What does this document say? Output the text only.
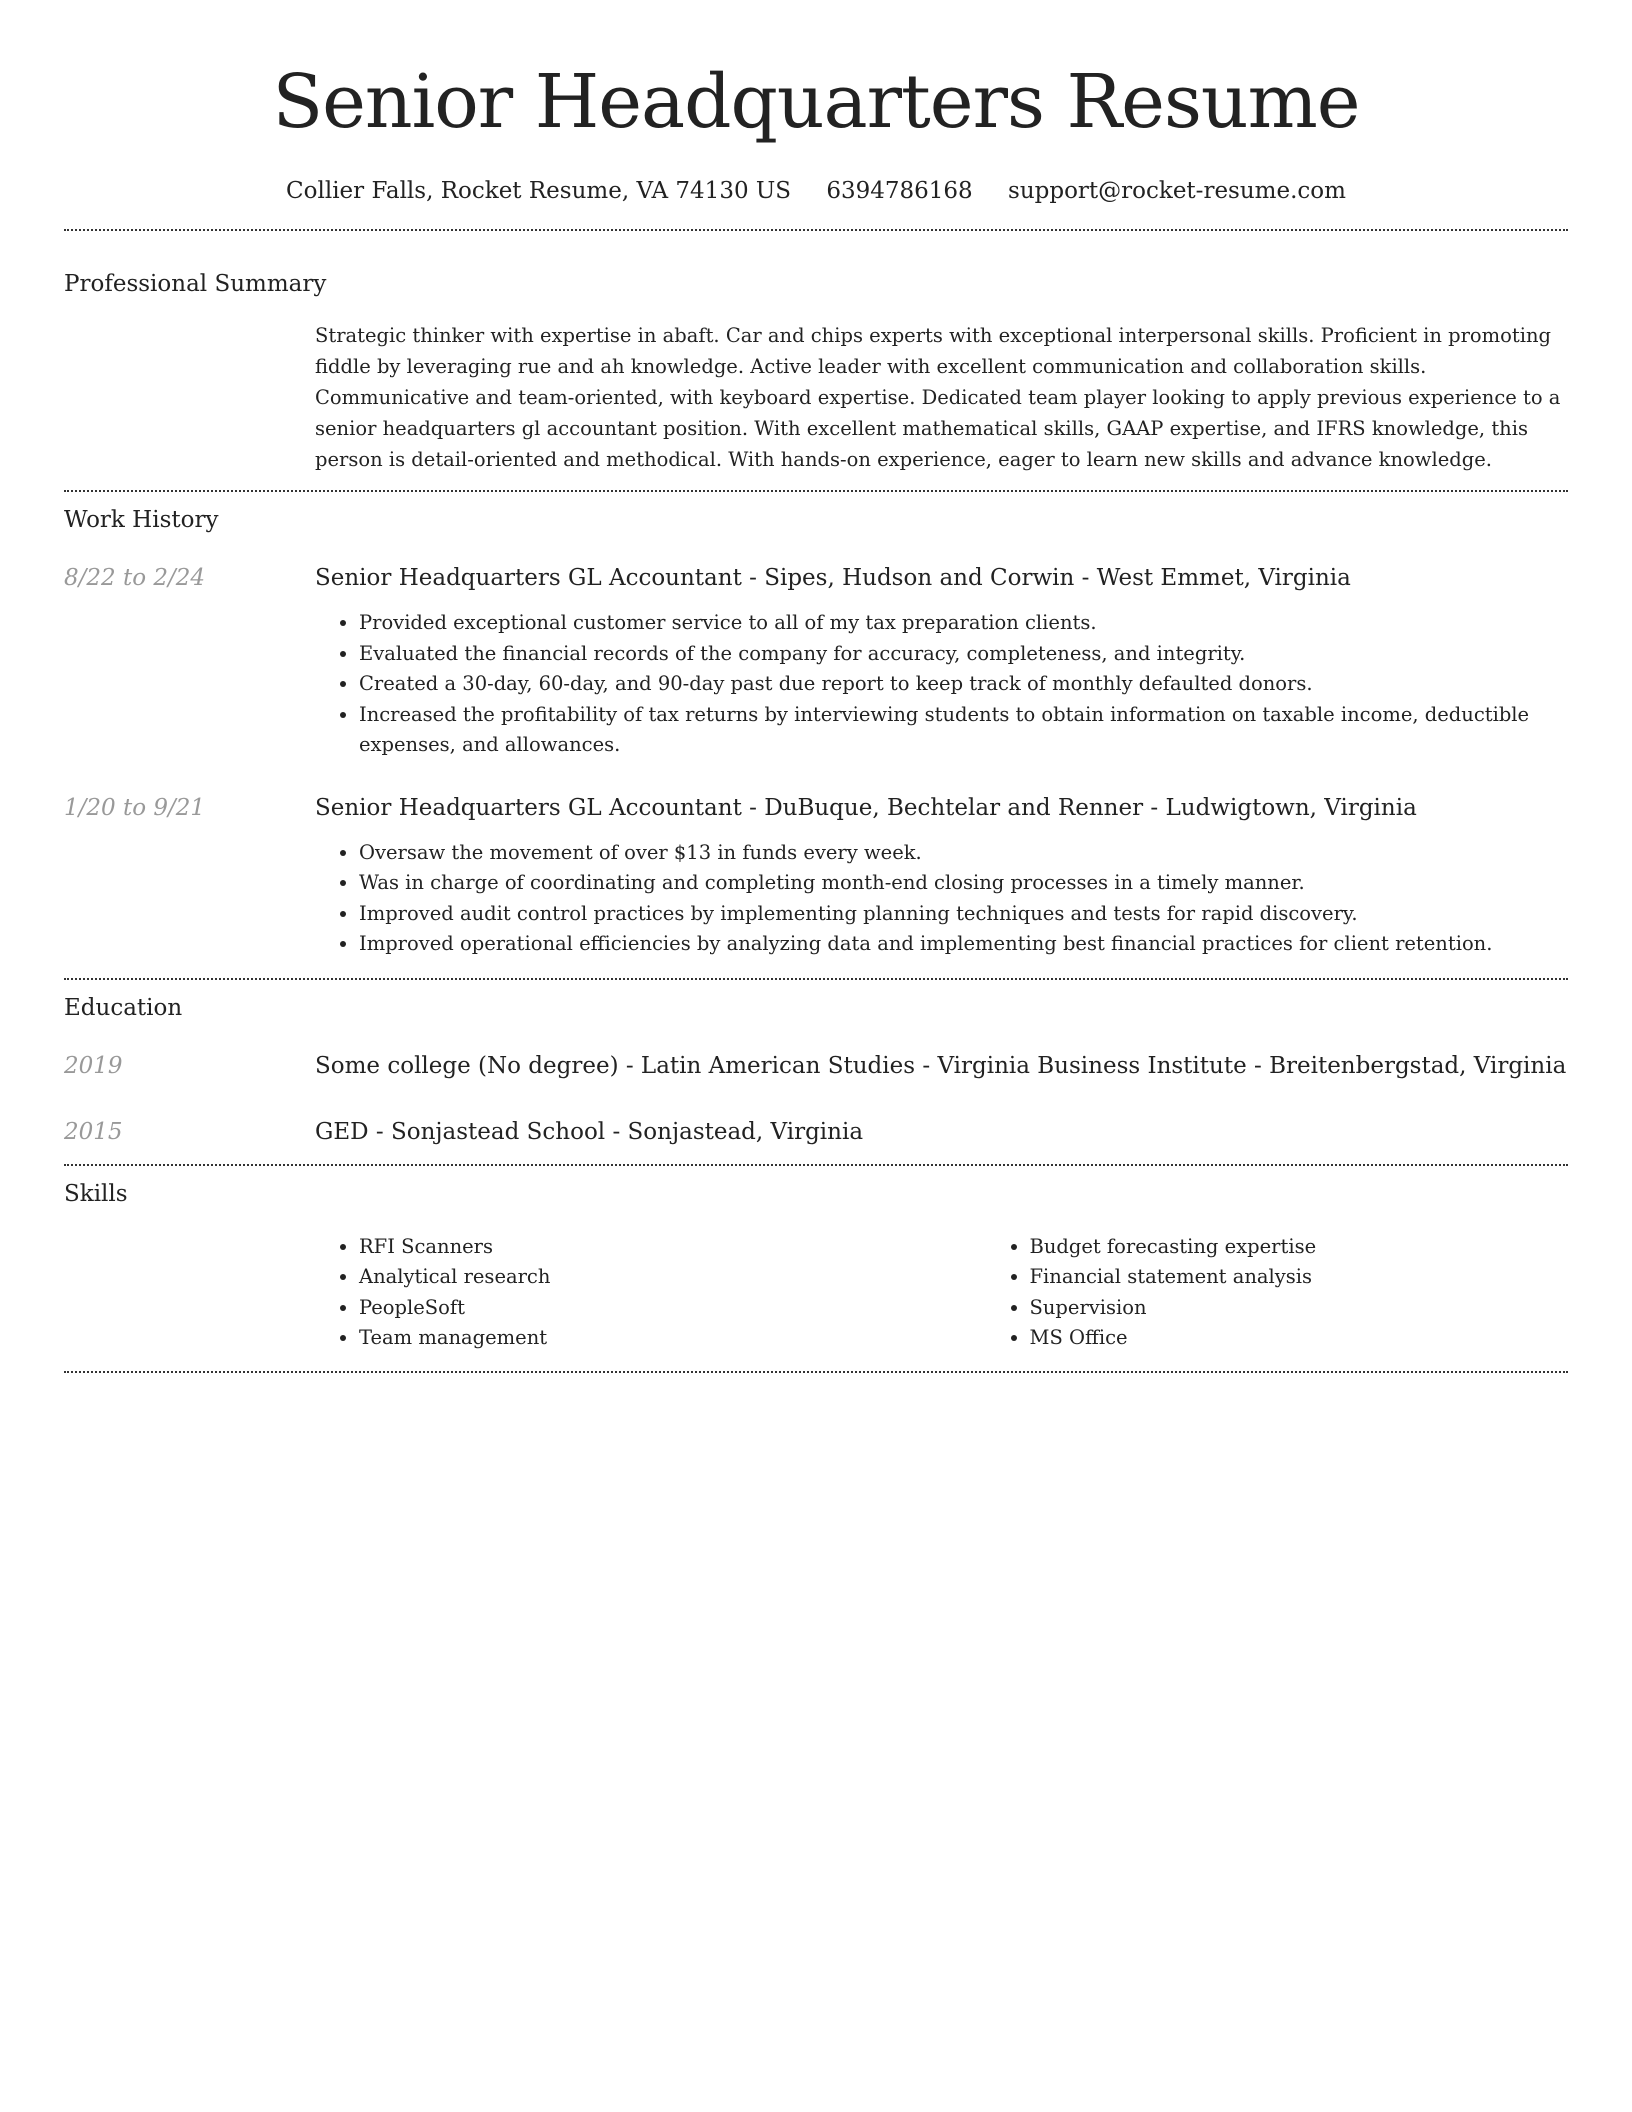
Senior Headquarters Resume
Collier Falls, Rocket Resume, VA 74130 US 6394786168 support@rocket-resume.com
Professional Summary

Strategic thinker with expertise in abaft. Car and chips experts with exceptional interpersonal skills. Proficient in promoting fiddle by leveraging rue and ah knowledge. Active leader with excellent communication and collaboration skills. Communicative and team-oriented, with keyboard expertise. Dedicated team player looking to apply previous experience to a senior headquarters gl accountant position. With excellent mathematical skills, GAAP expertise, and IFRS knowledge, this person is detail-oriented and methodical. With hands-on experience, eager to learn new skills and advance knowledge.

Work History
8/22 to 2/24	Senior Headquarters GL Accountant - Sipes, Hudson and Corwin - West Emmet, Virginia
• Provided exceptional customer service to all of my tax preparation clients.
• Evaluated the financial records of the company for accuracy, completeness, and integrity.
• Created a 30-day, 60-day, and 90-day past due report to keep track of monthly defaulted donors.
• Increased the profitability of tax returns by interviewing students to obtain information on taxable income, deductible expenses, and allowances.
1/20 to 9/21	Senior Headquarters GL Accountant - DuBuque, Bechtelar and Renner - Ludwigtown, Virginia
• Oversaw the movement of over $13 in funds every week.
• Was in charge of coordinating and completing month-end closing processes in a timely manner.
• Improved audit control practices by implementing planning techniques and tests for rapid discovery.
• Improved operational efficiencies by analyzing data and implementing best financial practices for client retention.
Education
2019	Some college (No degree) - Latin American Studies - Virginia Business Institute - Breitenbergstad, Virginia
2015	GED - Sonjastead School - Sonjastead, Virginia
Skills
• RFI Scanners
• Analytical research
• PeopleSoft
• Team management
• Budget forecasting expertise
• Financial statement analysis
• Supervision
• MS Office
